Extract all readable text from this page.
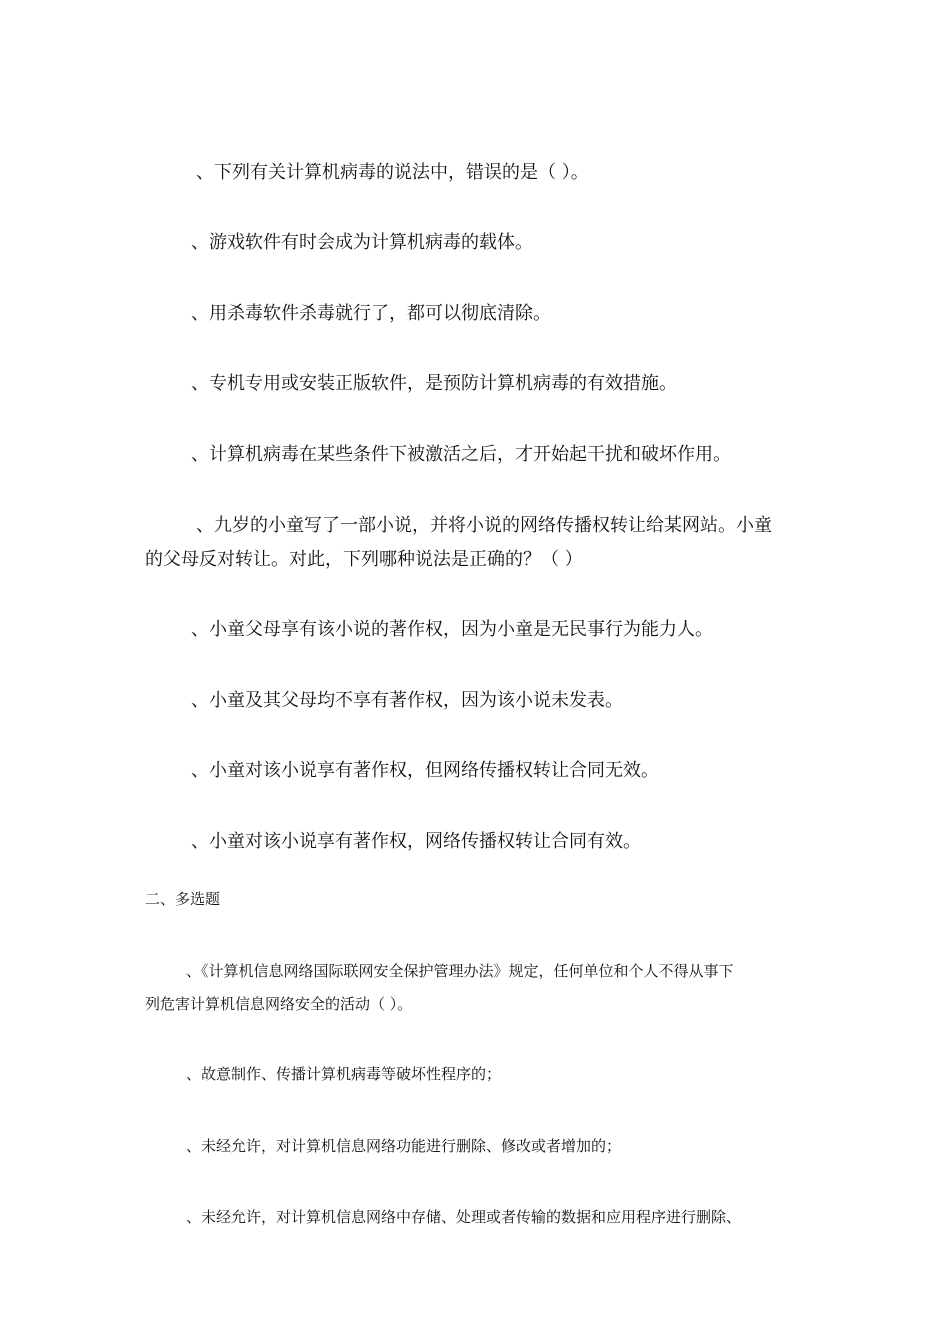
、下列有关计算机病毒的说法中，错误的是（ ）。
、游戏软件有时会成为计算机病毒的载体。
、用杀毒软件杀毒就行了，都可以彻底清除。
、专机专用或安装正版软件，是预防计算机病毒的有效措施。
、计算机病毒在某些条件下被激活之后，才开始起干扰和破坏作用。
、九岁的小童写了一部小说，并将小说的网络传播权转让给某网站。小童
的父母反对转让。对此，下列哪种说法是正确的？（ ）
、小童父母享有该小说的著作权，因为小童是无民事行为能力人。
、小童及其父母均不享有著作权，因为该小说未发表。
、小童对该小说享有著作权，但网络传播权转让合同无效。
、小童对该小说享有著作权，网络传播权转让合同有效。
二、多选题
、《计算机信息网络国际联网安全保护管理办法》规定，任何单位和个人不得从事下
列危害计算机信息网络安全的活动（ ）。
、故意制作、传播计算机病毒等破坏性程序的；
、未经允许，对计算机信息网络功能进行删除、修改或者增加的；
、未经允许，对计算机信息网络中存储、处理或者传输的数据和应用程序进行删除、
